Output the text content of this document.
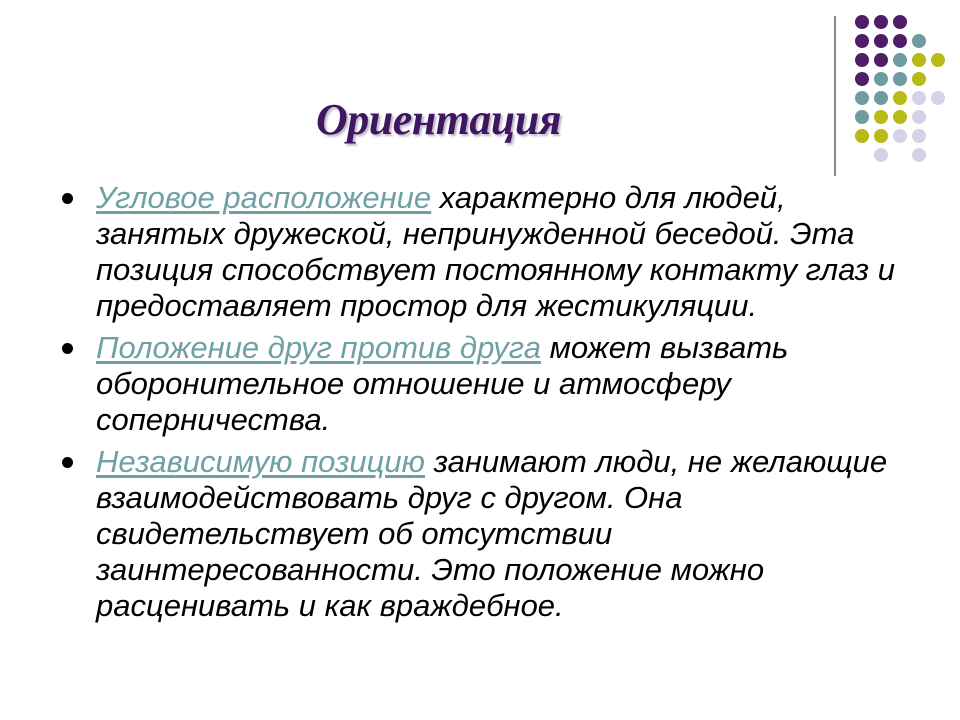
Ориентация
Угловое расположение характерно для людей, занятых дружеской, непринужденной беседой. Эта позиция способствует постоянному контакту глаз и предоставляет простор для жестикуляции.
Положение друг против друга может вызвать оборонительное отношение и атмосферу соперничества.
Независимую позицию занимают люди, не желающие взаимодействовать друг с другом. Она свидетельствует об отсутствии заинтересованности. Это положение можно расценивать и как враждебное.
